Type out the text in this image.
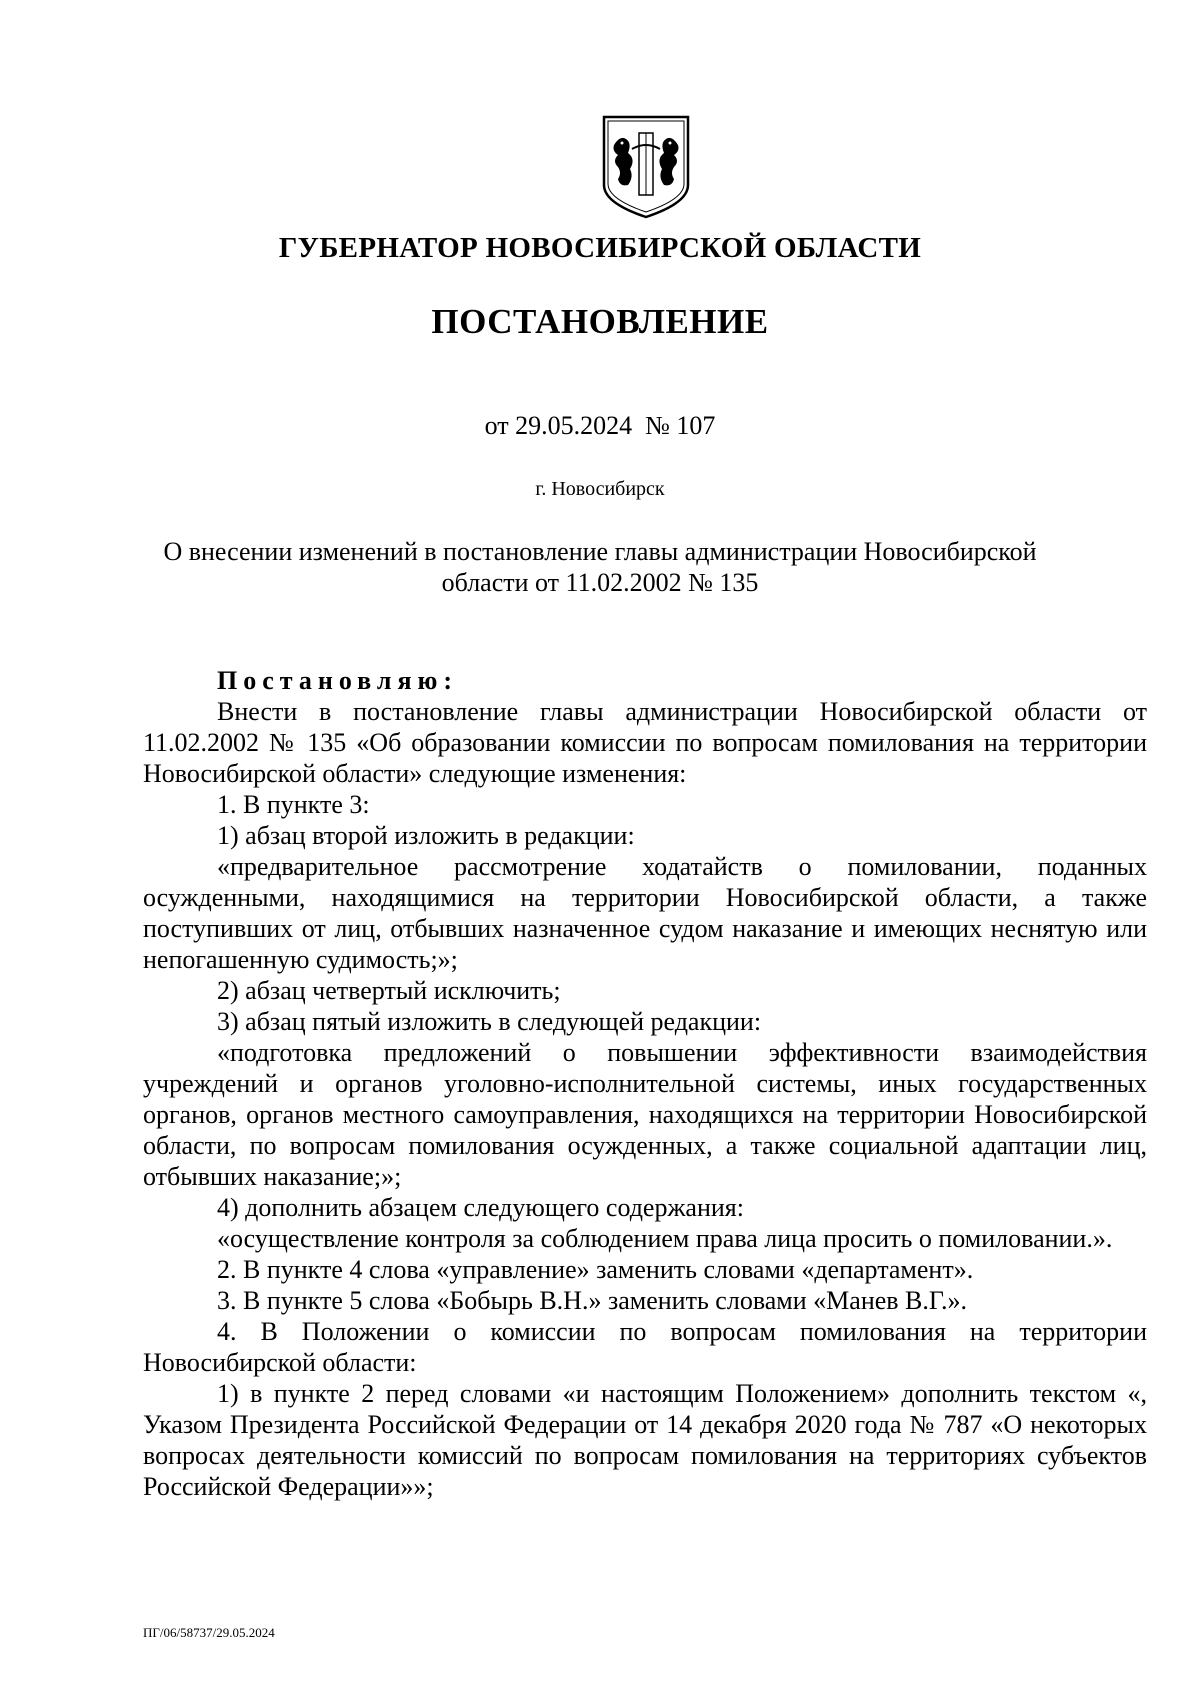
ГУБЕРНАТОР НОВОСИБИРСКОЙ ОБЛАСТИ
ПОСТАНОВЛЕНИЕ
от 29.05.2024  № 107
г. Новосибирск
О внесении изменений в постановление главы администрации Новосибирской области от 11.02.2002 № 135
Постановляю:

Внести в постановление главы администрации Новосибирской области от 11.02.2002 № 135 «Об образовании комиссии по вопросам помилования на территории Новосибирской области» следующие изменения:

1. В пункте 3:

1) абзац второй изложить в редакции:

«предварительное рассмотрение ходатайств о помиловании, поданных осужденными, находящимися на территории Новосибирской области, а также поступивших от лиц, отбывших назначенное судом наказание и имеющих неснятую или непогашенную судимость;»;

2) абзац четвертый исключить;

3) абзац пятый изложить в следующей редакции:

«подготовка предложений о повышении эффективности взаимодействия учреждений и органов уголовно-исполнительной системы, иных государственных органов, органов местного самоуправления, находящихся на территории Новосибирской области, по вопросам помилования осужденных, а также социальной адаптации лиц, отбывших наказание;»;

4) дополнить абзацем следующего содержания:

«осуществление контроля за соблюдением права лица просить о помиловании.».

2. В пункте 4 слова «управление» заменить словами «департамент».

3. В пункте 5 слова «Бобырь В.Н.» заменить словами «Манев В.Г.».

4. В Положении о комиссии по вопросам помилования на территории Новосибирской области:

1) в пункте 2 перед словами «и настоящим Положением» дополнить текстом «, Указом Президента Российской Федерации от 14 декабря 2020 года № 787 «О некоторых вопросах деятельности комиссий по вопросам помилования на территориях субъектов Российской Федерации»»;

ПГ/06/58737/29.05.2024
